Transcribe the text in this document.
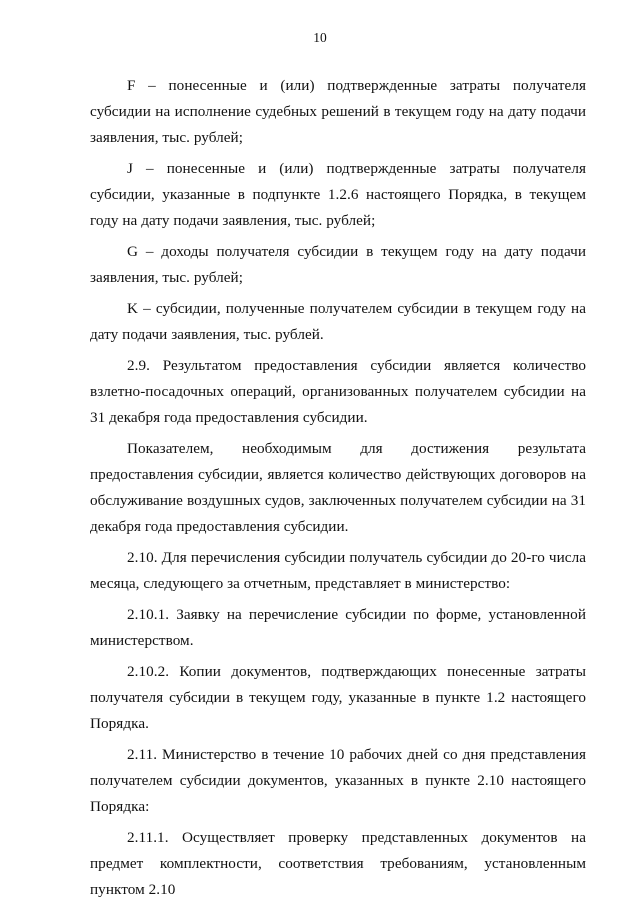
10

F – понесенные и (или) подтвержденные затраты получателя субсидии на исполнение судебных решений в текущем году на дату подачи заявления, тыс. рублей;

J – понесенные и (или) подтвержденные затраты получателя субсидии, указанные в подпункте 1.2.6 настоящего Порядка, в текущем году на дату подачи заявления, тыс. рублей;

G – доходы получателя субсидии в текущем году на дату подачи заявления, тыс. рублей;

K – субсидии, полученные получателем субсидии в текущем году на дату подачи заявления, тыс. рублей.

2.9. Результатом предоставления субсидии является количество взлетно-посадочных операций, организованных получателем субсидии на 31 декабря года предоставления субсидии.

Показателем, необходимым для достижения результата предоставления субсидии, является количество действующих договоров на обслуживание воздушных судов, заключенных получателем субсидии на 31 декабря года предоставления субсидии.

2.10. Для перечисления субсидии получатель субсидии до 20-го числа месяца, следующего за отчетным, представляет в министерство:

2.10.1. Заявку на перечисление субсидии по форме, установленной министерством.

2.10.2. Копии документов, подтверждающих понесенные затраты получателя субсидии в текущем году, указанные в пункте 1.2 настоящего Порядка.

2.11. Министерство в течение 10 рабочих дней со дня представления получателем субсидии документов, указанных в пункте 2.10 настоящего Порядка:

2.11.1. Осуществляет проверку представленных документов на предмет комплектности, соответствия требованиям, установленным пунктом 2.10
